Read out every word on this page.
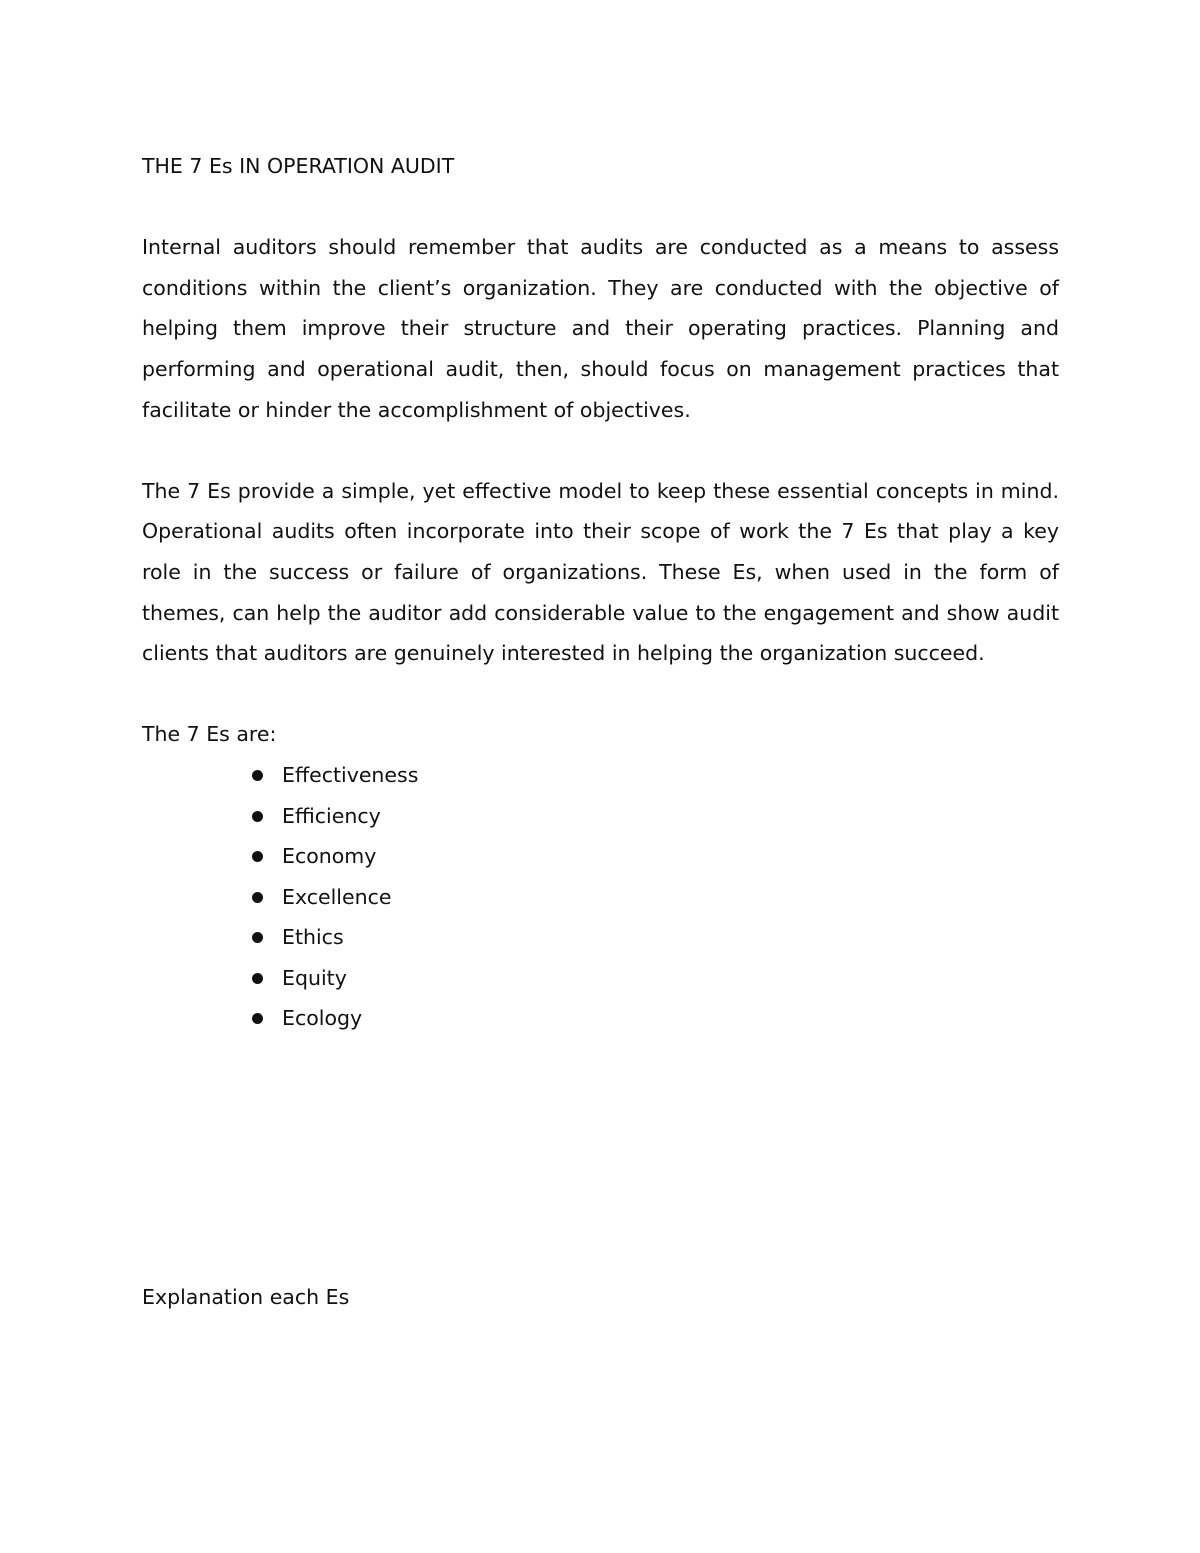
THE 7 Es IN OPERATION AUDIT

Internal auditors should remember that audits are conducted as a means to assess conditions within the client’s organization. They are conducted with the objective of helping them improve their structure and their operating practices. Planning and performing and operational audit, then, should focus on management practices that facilitate or hinder the accomplishment of objectives.

The 7 Es provide a simple, yet effective model to keep these essential concepts in mind. Operational audits often incorporate into their scope of work the 7 Es that play a key role in the success or failure of organizations. These Es, when used in the form of themes, can help the auditor add considerable value to the engagement and show audit clients that auditors are genuinely interested in helping the organization succeed.

The 7 Es are:

Effectiveness
Efficiency
Economy
Excellence
Ethics
Equity
Ecology

Explanation each Es
